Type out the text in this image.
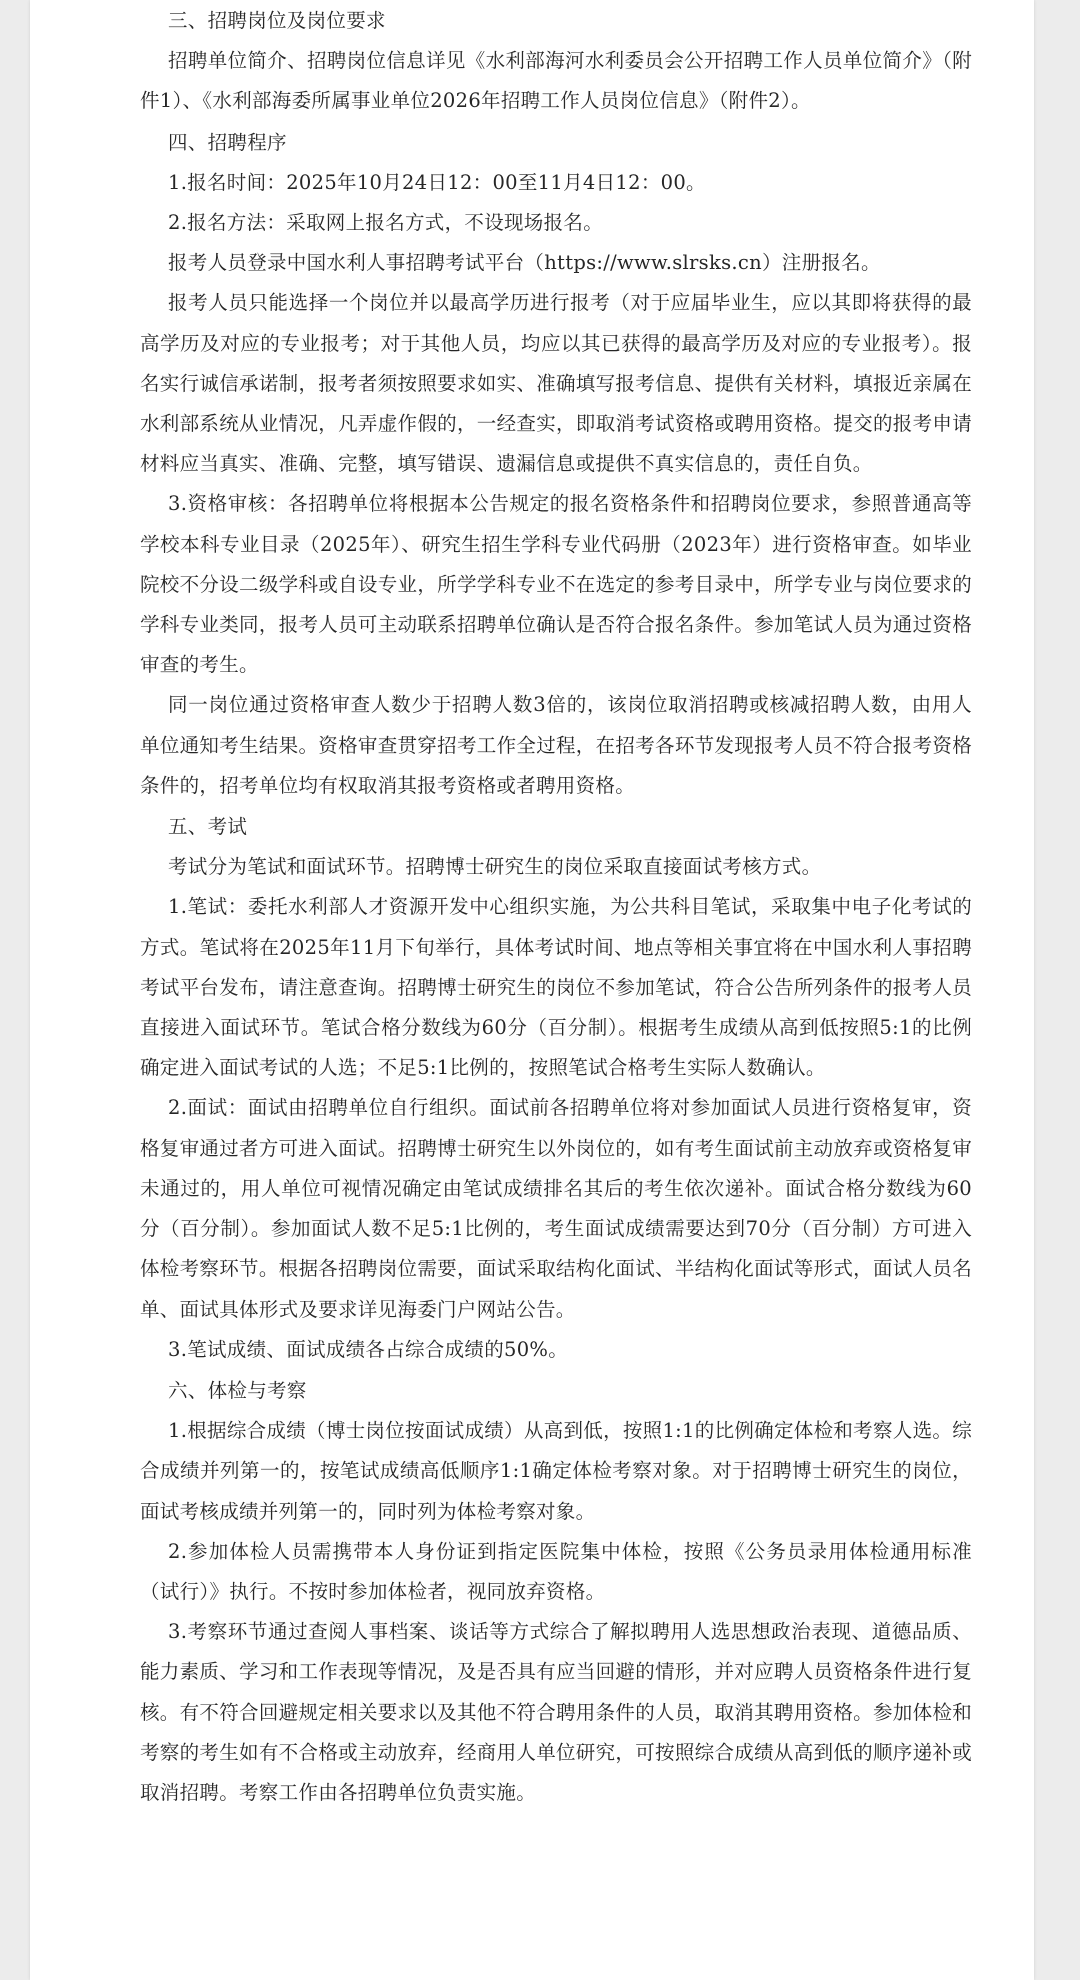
三、招聘岗位及岗位要求

招聘单位简介、招聘岗位信息详见《水利部海河水利委员会公开招聘工作人员单位简介》（附件1）、《水利部海委所属事业单位2026年招聘工作人员岗位信息》（附件2）。

四、招聘程序

1.报名时间：2025年10月24日12：00至11月4日12：00。

2.报名方法：采取网上报名方式，不设现场报名。

报考人员登录中国水利人事招聘考试平台（https://www.slrsks.cn）注册报名。

报考人员只能选择一个岗位并以最高学历进行报考（对于应届毕业生，应以其即将获得的最高学历及对应的专业报考；对于其他人员，均应以其已获得的最高学历及对应的专业报考）。报名实行诚信承诺制，报考者须按照要求如实、准确填写报考信息、提供有关材料，填报近亲属在水利部系统从业情况，凡弄虚作假的，一经查实，即取消考试资格或聘用资格。提交的报考申请材料应当真实、准确、完整，填写错误、遗漏信息或提供不真实信息的，责任自负。

3.资格审核：各招聘单位将根据本公告规定的报名资格条件和招聘岗位要求，参照普通高等学校本科专业目录（2025年）、研究生招生学科专业代码册（2023年）进行资格审查。如毕业院校不分设二级学科或自设专业，所学学科专业不在选定的参考目录中，所学专业与岗位要求的学科专业类同，报考人员可主动联系招聘单位确认是否符合报名条件。参加笔试人员为通过资格审查的考生。

同一岗位通过资格审查人数少于招聘人数3倍的，该岗位取消招聘或核减招聘人数，由用人单位通知考生结果。资格审查贯穿招考工作全过程，在招考各环节发现报考人员不符合报考资格条件的，招考单位均有权取消其报考资格或者聘用资格。

五、考试

考试分为笔试和面试环节。招聘博士研究生的岗位采取直接面试考核方式。

1.笔试：委托水利部人才资源开发中心组织实施，为公共科目笔试，采取集中电子化考试的方式。笔试将在2025年11月下旬举行，具体考试时间、地点等相关事宜将在中国水利人事招聘考试平台发布，请注意查询。招聘博士研究生的岗位不参加笔试，符合公告所列条件的报考人员直接进入面试环节。笔试合格分数线为60分（百分制）。根据考生成绩从高到低按照5:1的比例确定进入面试考试的人选；不足5:1比例的，按照笔试合格考生实际人数确认。

2.面试：面试由招聘单位自行组织。面试前各招聘单位将对参加面试人员进行资格复审，资格复审通过者方可进入面试。招聘博士研究生以外岗位的，如有考生面试前主动放弃或资格复审未通过的，用人单位可视情况确定由笔试成绩排名其后的考生依次递补。面试合格分数线为60分（百分制）。参加面试人数不足5:1比例的，考生面试成绩需要达到70分（百分制）方可进入体检考察环节。根据各招聘岗位需要，面试采取结构化面试、半结构化面试等形式，面试人员名单、面试具体形式及要求详见海委门户网站公告。

3.笔试成绩、面试成绩各占综合成绩的50%。

六、体检与考察

1.根据综合成绩（博士岗位按面试成绩）从高到低，按照1:1的比例确定体检和考察人选。综合成绩并列第一的，按笔试成绩高低顺序1:1确定体检考察对象。对于招聘博士研究生的岗位，面试考核成绩并列第一的，同时列为体检考察对象。

2.参加体检人员需携带本人身份证到指定医院集中体检，按照《公务员录用体检通用标准（试行）》执行。不按时参加体检者，视同放弃资格。

3.考察环节通过查阅人事档案、谈话等方式综合了解拟聘用人选思想政治表现、道德品质、能力素质、学习和工作表现等情况，及是否具有应当回避的情形，并对应聘人员资格条件进行复核。有不符合回避规定相关要求以及其他不符合聘用条件的人员，取消其聘用资格。参加体检和考察的考生如有不合格或主动放弃，经商用人单位研究，可按照综合成绩从高到低的顺序递补或取消招聘。考察工作由各招聘单位负责实施。
